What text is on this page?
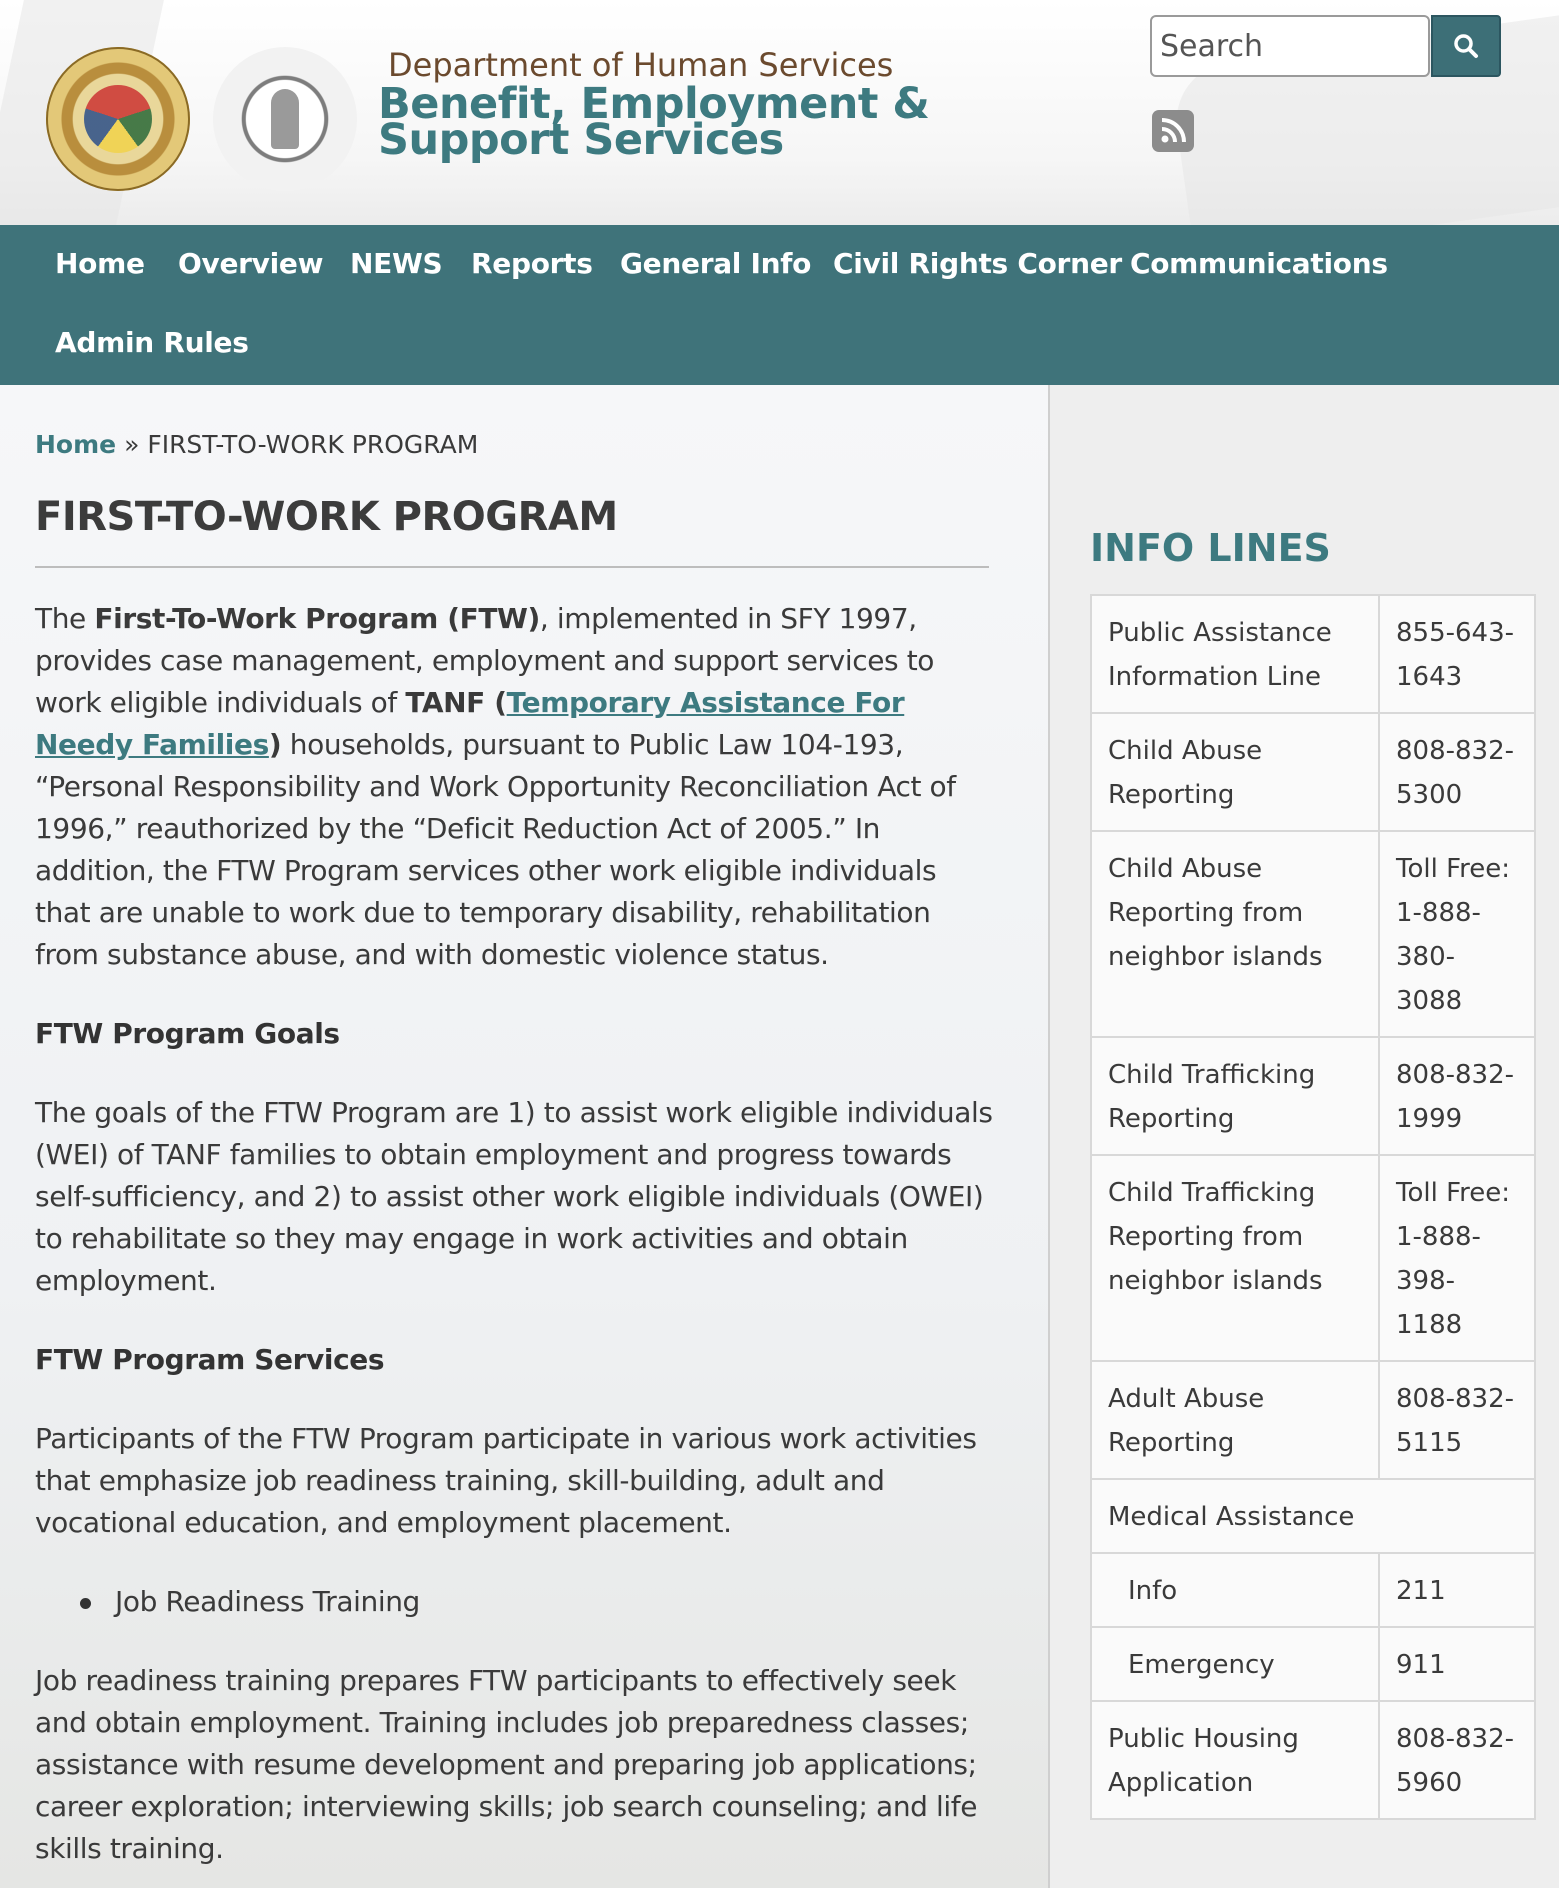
Department of Human Services
Benefit, Employment & Support Services
Search
Home Overview NEWS Reports General Info Civil Rights Corner Communications
Admin Rules
Home » FIRST-TO-WORK PROGRAM
FIRST-TO-WORK PROGRAM

The First-To-Work Program (FTW), implemented in SFY 1997, provides case management, employment and support services to work eligible individuals of TANF (Temporary Assistance For Needy Families) households, pursuant to Public Law 104-193, “Personal Responsibility and Work Opportunity Reconciliation Act of 1996,” reauthorized by the “Deficit Reduction Act of 2005.” In addition, the FTW Program services other work eligible individuals that are unable to work due to temporary disability, rehabilitation from substance abuse, and with domestic violence status.

FTW Program Goals

The goals of the FTW Program are 1) to assist work eligible individuals (WEI) of TANF families to obtain employment and progress towards self-sufficiency, and 2) to assist other work eligible individuals (OWEI) to rehabilitate so they may engage in work activities and obtain employment.

FTW Program Services

Participants of the FTW Program participate in various work activities that emphasize job readiness training, skill-building, adult and vocational education, and employment placement.

Job Readiness Training

Job readiness training prepares FTW participants to effectively seek and obtain employment. Training includes job preparedness classes; assistance with resume development and preparing job applications; career exploration; interviewing skills; job search counseling; and life skills training.

INFO LINES
Public Assistance Information Line	855-643-1643
Child Abuse Reporting	808-832-5300
Child Abuse Reporting from neighbor islands	Toll Free: 1-888-380-3088
Child Trafficking Reporting	808-832-1999
Child Trafficking Reporting from neighbor islands	Toll Free: 1-888-398-1188
Adult Abuse Reporting	808-832-5115
Medical Assistance	
Info	211
Emergency	911
Public Housing Application	808-832-5960
